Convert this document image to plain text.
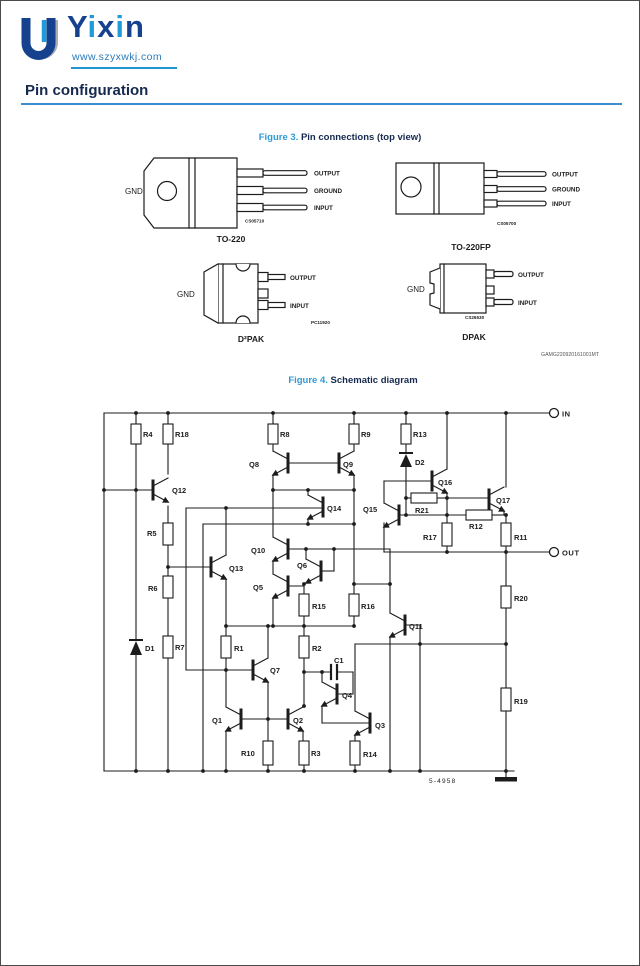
Yixin
www.szyxwkj.com
Pin configuration
Figure 3. Pin connections (top view)
Figure 4. Schematic diagram
GND
OUTPUT
GROUND
INPUT
CS05710
TO-220
OUTPUT
GROUND
INPUT
CS05700
TO-220FP
GND
OUTPUT
INPUT
PC11920
D²PAK
GND
OUTPUT
INPUT
CS26530
DPAK
GAMG220920161001MT
R4	R18	R8	R9	R13
Q12
R5
R6
R7
D1
Q13
Q8	Q9
Q14
Q10
Q6
Q5
Q15	R21
R12
R17	R11
D2
Q16
Q17
R15	R16
Q11
R20
R19
R1	R2
Q7
C1
Q4
Q3
Q1	Q2
R10	R3	R14
IN
OUT
5-4958
